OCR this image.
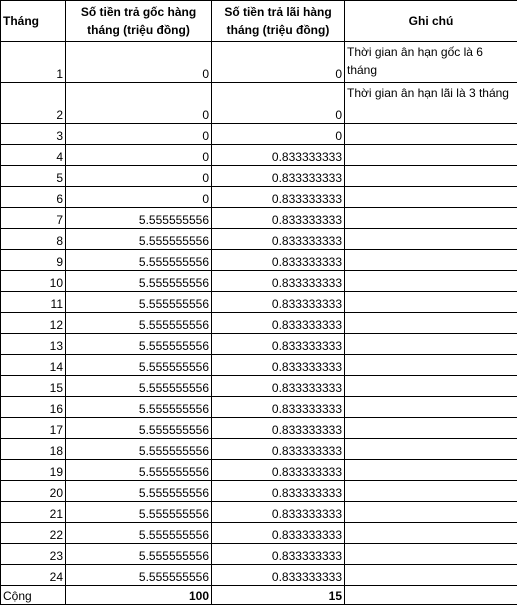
Tháng	Số tiền trả gốc hàng tháng (triệu đồng)	Số tiền trả lãi hàng tháng (triệu đồng)	Ghi chú
1	0	0	Thời gian ân hạn gốc là 6 tháng
2	0	0	Thời gian ân hạn lãi là 3 tháng
3	0	0	
4	0	0.833333333	
5	0	0.833333333	
6	0	0.833333333	
7	5.555555556	0.833333333	
8	5.555555556	0.833333333	
9	5.555555556	0.833333333	
10	5.555555556	0.833333333	
11	5.555555556	0.833333333	
12	5.555555556	0.833333333	
13	5.555555556	0.833333333	
14	5.555555556	0.833333333	
15	5.555555556	0.833333333	
16	5.555555556	0.833333333	
17	5.555555556	0.833333333	
18	5.555555556	0.833333333	
19	5.555555556	0.833333333	
20	5.555555556	0.833333333	
21	5.555555556	0.833333333	
22	5.555555556	0.833333333	
23	5.555555556	0.833333333	
24	5.555555556	0.833333333	
Cộng	100	15	
